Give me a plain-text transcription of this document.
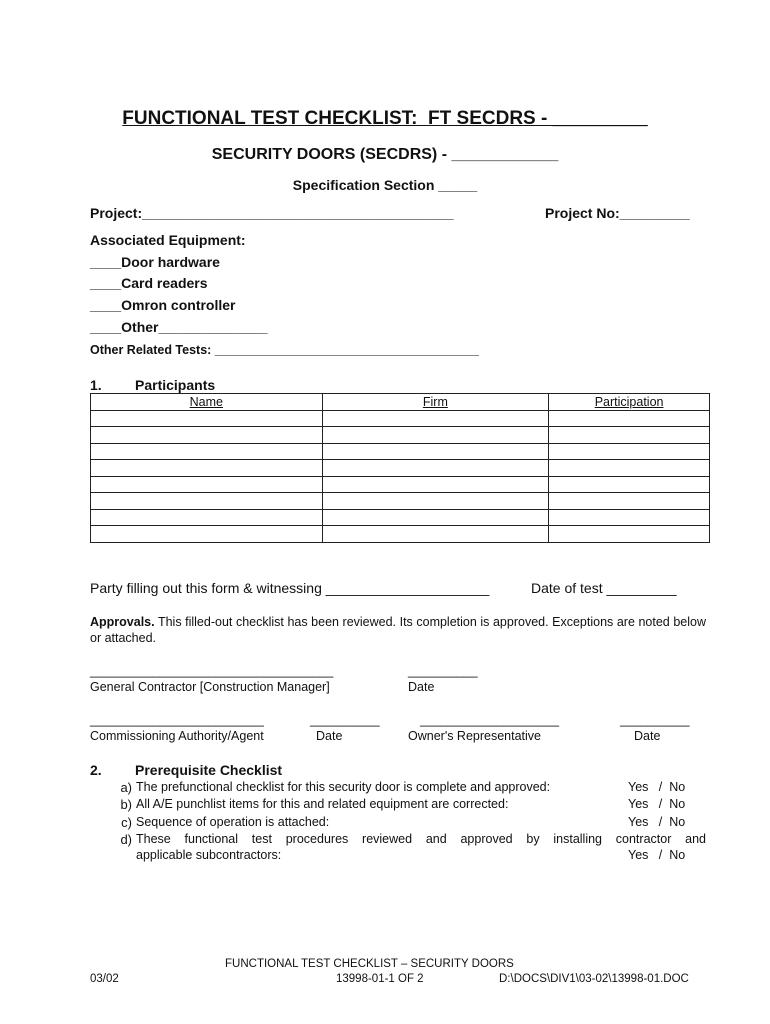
FUNCTIONAL TEST CHECKLIST:  FT SECDRS - _________
SECURITY DOORS (SECDRS) - ____________
Specification Section _____
Project:________________________________________	Project No:_________
Associated Equipment:
____Door hardware
____Card readers
____Omron controller
____Other______________
Other Related Tests: ______________________________________
1. Participants
Name	Firm	Participation

Party filling out this form & witnessing _____________________	Date of test _________
Approvals. This filled-out checklist has been reviewed. Its completion is approved. Exceptions are noted below or attached.
___________________________________	__________
General Contractor [Construction Manager]	Date
_________________________	__________	____________________	__________
Commissioning Authority/Agent	Date	Owner's Representative	Date
2. Prerequisite Checklist
a) The prefunctional checklist for this security door is complete and approved:	Yes   /  No
b) All A/E punchlist items for this and related equipment are corrected:	Yes   /  No
c) Sequence of operation is attached:	Yes   /  No
d) These functional test procedures reviewed and approved by installing contractor and
applicable subcontractors:	Yes   /  No
FUNCTIONAL TEST CHECKLIST – SECURITY DOORS
03/02	13998-01-1 OF 2	D:\DOCS\DIV1\03-02\13998-01.DOC
